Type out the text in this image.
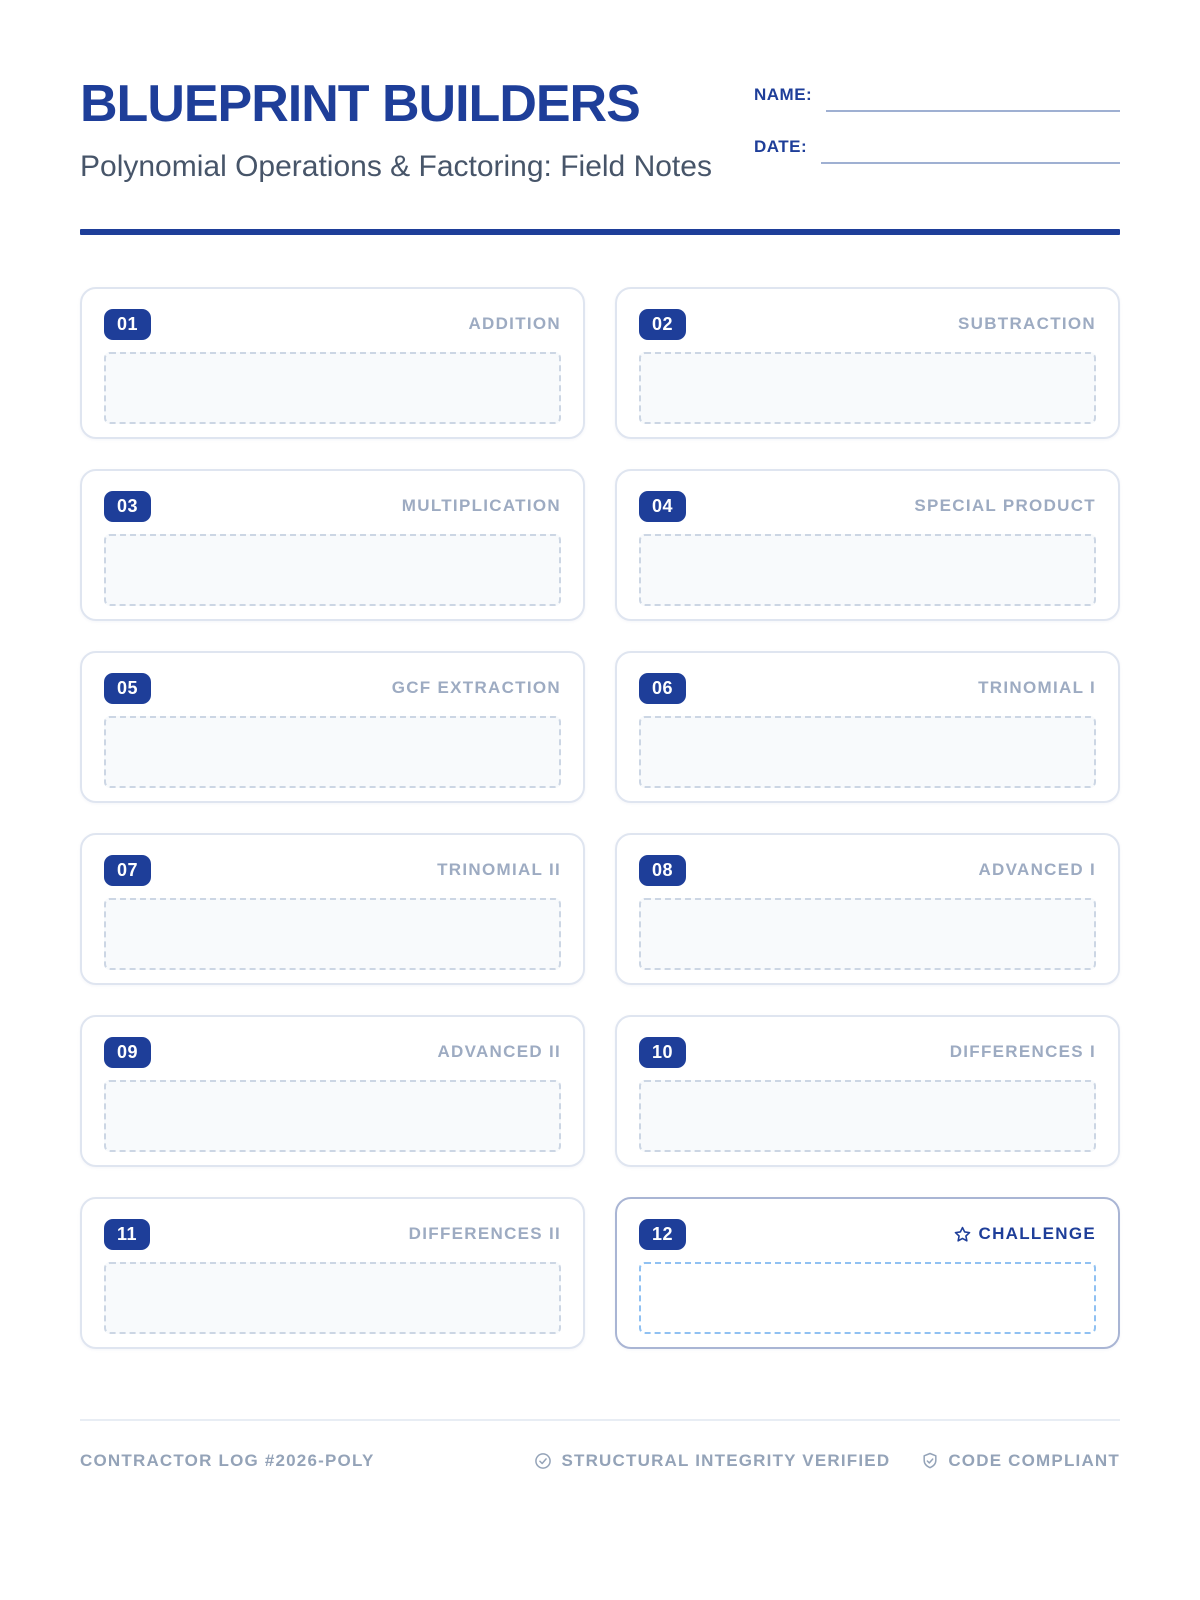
BLUEPRINT BUILDERS
Polynomial Operations & Factoring: Field Notes
NAME:
DATE:
01	ADDITION	02	SUBTRACTION
03	MULTIPLICATION	04	SPECIAL PRODUCT
05	GCF EXTRACTION	06	TRINOMIAL I
07	TRINOMIAL II	08	ADVANCED I
09	ADVANCED II	10	DIFFERENCES I
11	DIFFERENCES II	12	CHALLENGE
CONTRACTOR LOG #2026-POLY	STRUCTURAL INTEGRITY VERIFIED	CODE COMPLIANT
